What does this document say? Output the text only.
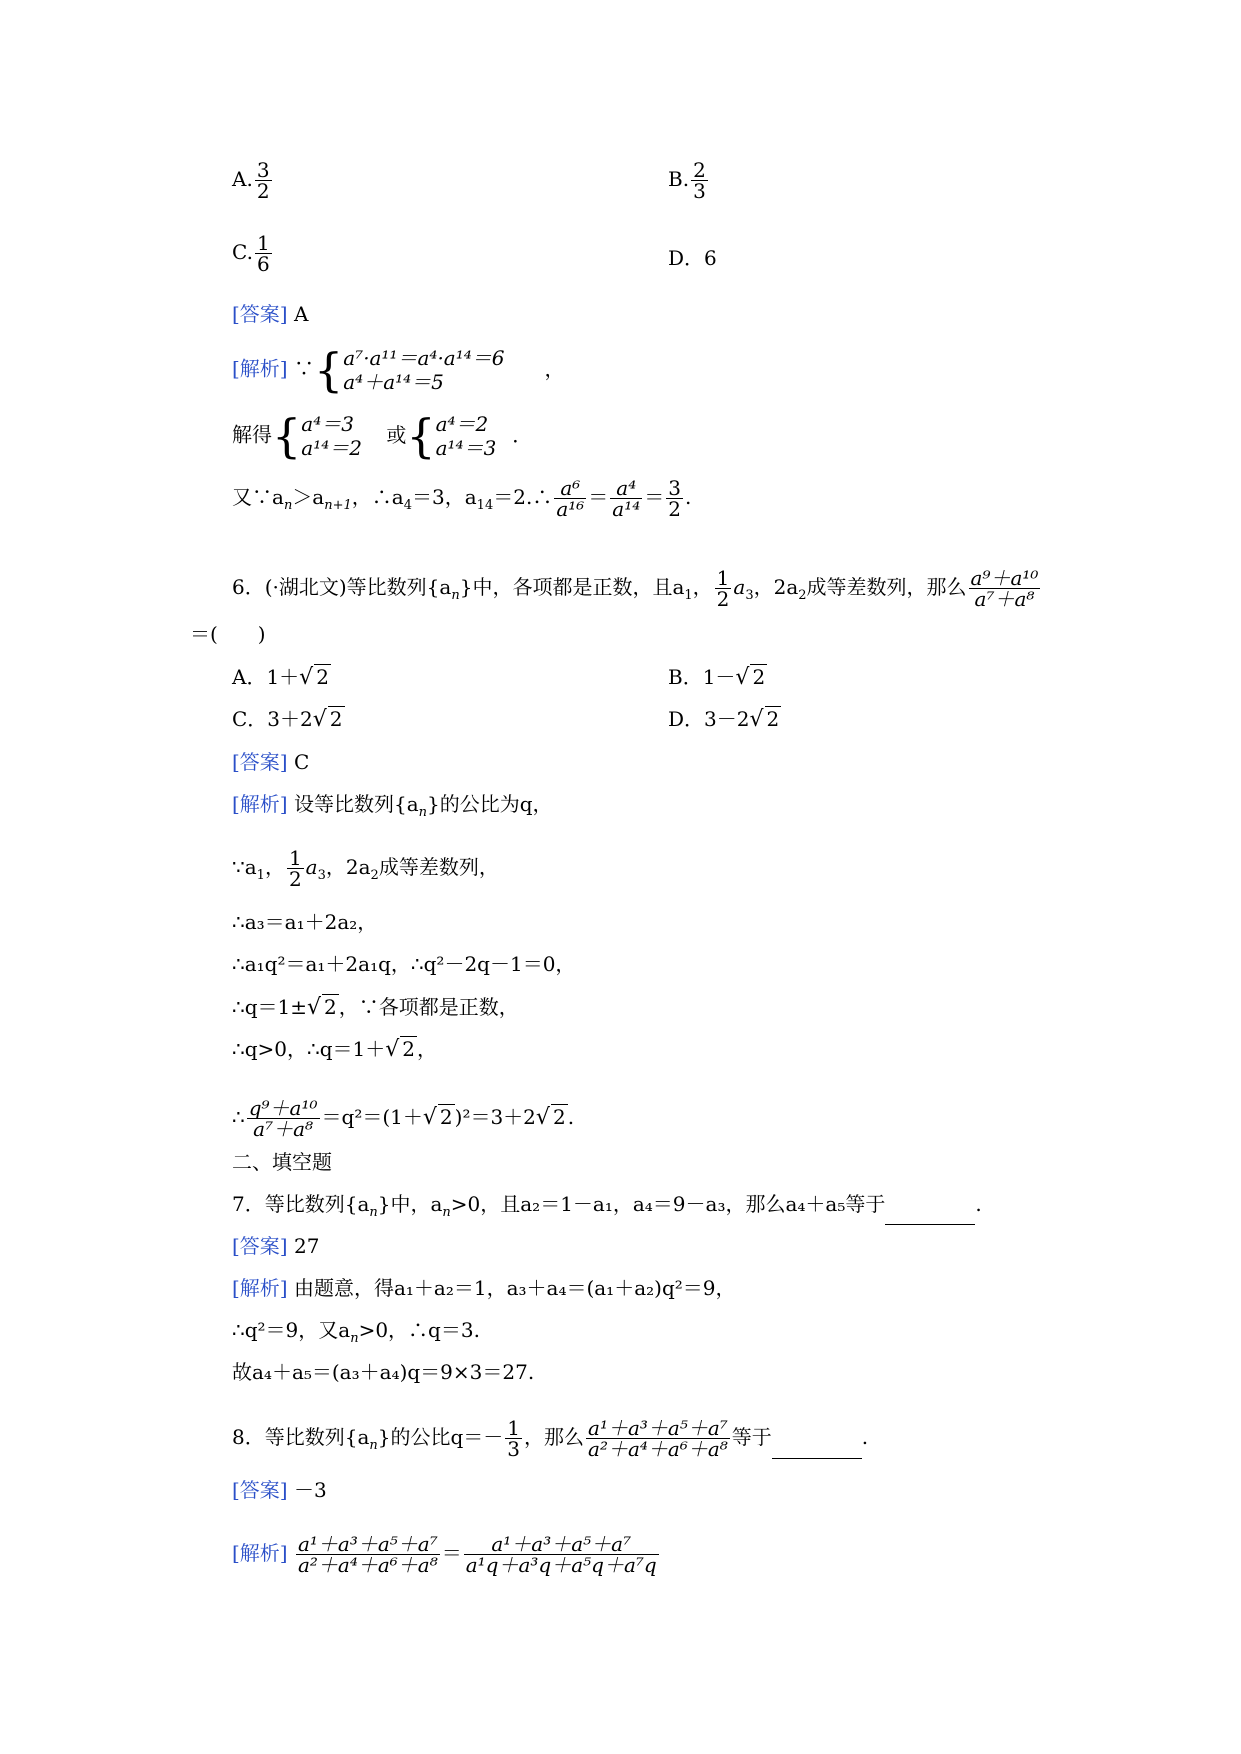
A. $\frac{3}{2}$	B. $\frac{2}{3}$
C. $\frac{1}{6}$	D．6
[答案] A
[解析] ∵{a⁷·a¹¹＝a⁴·a¹⁴＝6
a⁴＋a¹⁴＝5，
解得{a⁴＝3
a¹⁴＝2 或{a⁴＝2
a¹⁴＝3．
又$\because a_n>a_{n+1}$，$\therefore a_4=3$，$a_{14}=2.\therefore \frac{\text{a⁶}}{\text{a¹⁶}} = \frac{\text{a⁴}}{\text{a¹⁴}} = \frac{3}{2}$ .
6．(·湖北文)等比数列$\{a_n\}$中，各项都是正数，且$a_1$， $\frac{1}{2} a_3$，$2a_2$成等差数列，那么 $\frac{\text{a⁹＋a¹⁰}}{\text{a⁷＋a⁸}}$
＝(　　)
A．1＋√ 2	B．1－√ 2
C．3＋2√ 2	D．3－2√ 2
[答案] C
[解析] 设等比数列$\{a_n\}$的公比为q，
$\because a_1$， $\frac{1}{2} a_3$，$2a_2$成等差数列，
∴a₃＝a₁＋2a₂，
∴a₁q²＝a₁＋2a₁q，∴q²－2q－1＝0，
∴q＝1±√ 2 ，∵各项都是正数，
∴q>0，∴q＝1＋√ 2 ，
∴ $\frac{\text{q⁹＋a¹⁰}}{\text{a⁷＋a⁸}} =q^2=(1+√$ 2 )²＝3＋2√ 2 .
二、填空题
7．等比数列$\{a_n\}$中，$a_n>0$，且a₂＝1－a₁，a₄＝9－a₃，那么a₄＋a₅等于	.
[答案] 27
[解析] 由题意，得a₁＋a₂＝1，a₃＋a₄＝(a₁＋a₂)q²＝9，
∴q²＝9，又$a_n>0$，∴q＝3.
故a₄＋a₅＝(a₃＋a₄)q＝9×3＝27.
8．等比数列$\{a_n\}$的公比$q=- \frac{1}{3}$ ，那么 $\frac{\text{a¹＋a³＋a⁵＋a⁷}}{\text{a²＋a⁴＋a⁶＋a⁸}}$ 等于	.
[答案] －3
[解析] $\frac{\text{a¹＋a³＋a⁵＋a⁷}}{\text{a²＋a⁴＋a⁶＋a⁸}} = \frac{\text{a¹＋a³＋a⁵＋a⁷}}{\text{a¹q＋a³q＋a⁵q＋a⁷q}}$
